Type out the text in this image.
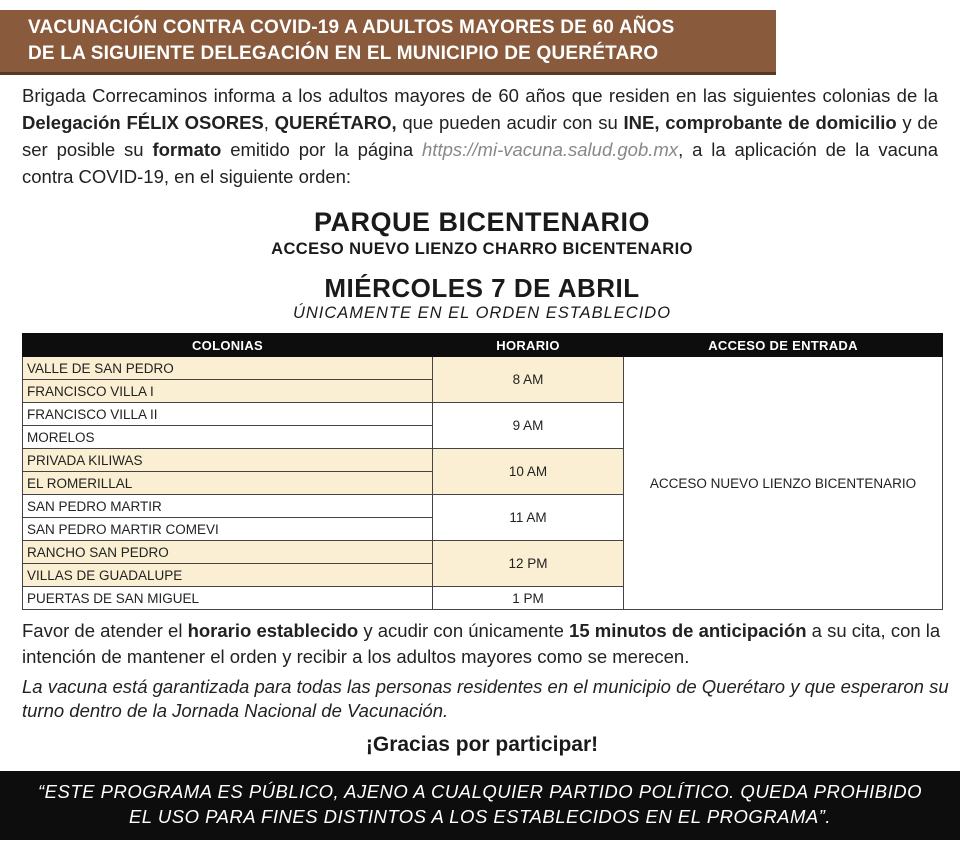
VACUNACIÓN CONTRA COVID-19 A ADULTOS MAYORES DE 60 AÑOS
DE LA SIGUIENTE DELEGACIÓN EN EL MUNICIPIO DE QUERÉTARO
Brigada Correcaminos informa a los adultos mayores de 60 años que residen en las siguientes colonias de la Delegación FÉLIX OSORES, QUERÉTARO, que pueden acudir con su INE, comprobante de domicilio y de ser posible su formato emitido por la página https://mi-vacuna.salud.gob.mx, a la aplicación de la vacuna contra COVID-19, en el siguiente orden:
PARQUE BICENTENARIO
ACCESO NUEVO LIENZO CHARRO BICENTENARIO
MIÉRCOLES 7 DE ABRIL
ÚNICAMENTE EN EL ORDEN ESTABLECIDO
COLONIAS	HORARIO	ACCESO DE ENTRADA
VALLE DE SAN PEDRO	8 AM	ACCESO NUEVO LIENZO BICENTENARIO
FRANCISCO VILLA I		
FRANCISCO VILLA II	9 AM	
MORELOS		
PRIVADA KILIWAS	10 AM	
EL ROMERILLAL		
SAN PEDRO MARTIR	11 AM	
SAN PEDRO MARTIR COMEVI		
RANCHO SAN PEDRO	12 PM	
VILLAS DE GUADALUPE		
PUERTAS DE SAN MIGUEL	1 PM	
Favor de atender el horario establecido y acudir con únicamente 15 minutos de anticipación a su cita, con la intención de mantener el orden y recibir a los adultos mayores como se merecen.
La vacuna está garantizada para todas las personas residentes en el municipio de Querétaro y que esperaron su turno dentro de la Jornada Nacional de Vacunación.
¡Gracias por participar!
“ESTE PROGRAMA ES PÚBLICO, AJENO A CUALQUIER PARTIDO POLÍTICO. QUEDA PROHIBIDO
EL USO PARA FINES DISTINTOS A LOS ESTABLECIDOS EN EL PROGRAMA”.
